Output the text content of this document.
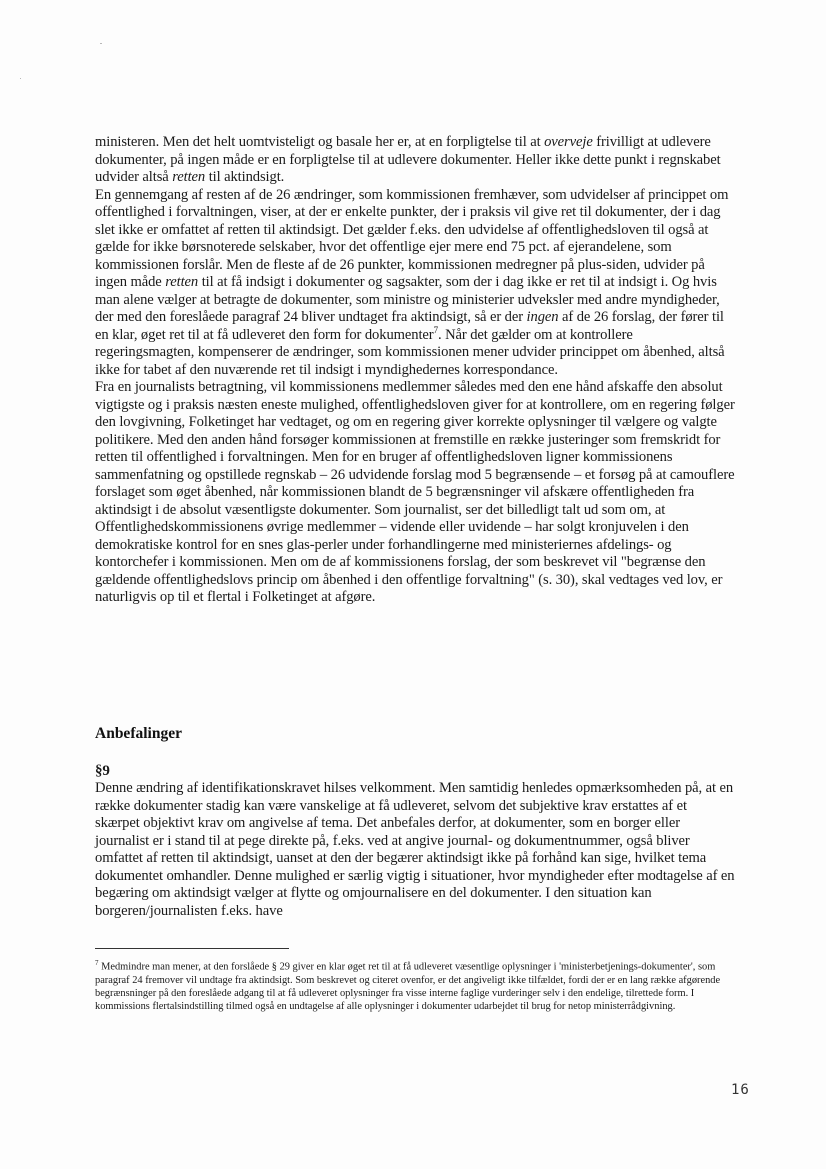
ministeren. Men det helt uomtvisteligt og basale her er, at en forpligtelse til at overveje frivilligt at udlevere dokumenter, på ingen måde er en forpligtelse til at udlevere dokumenter. Heller ikke dette punkt i regnskabet udvider altså retten til aktindsigt.

En gennemgang af resten af de 26 ændringer, som kommissionen fremhæver, som udvidelser af princippet om offentlighed i forvaltningen, viser, at der er enkelte punkter, der i praksis vil give ret til dokumenter, der i dag slet ikke er omfattet af retten til aktindsigt. Det gælder f.eks. den udvidelse af offentlighedsloven til også at gælde for ikke børsnoterede selskaber, hvor det offentlige ejer mere end 75 pct. af ejerandelene, som kommissionen forslår. Men de fleste af de 26 punkter, kommissionen medregner på plus-siden, udvider på ingen måde retten til at få indsigt i dokumenter og sagsakter, som der i dag ikke er ret til at indsigt i. Og hvis man alene vælger at betragte de dokumenter, som ministre og ministerier udveksler med andre myndigheder, der med den foreslåede paragraf 24 bliver undtaget fra aktindsigt, så er der ingen af de 26 forslag, der fører til en klar, øget ret til at få udleveret den form for dokumenter$^7$. Når det gælder om at kontrollere regeringsmagten, kompenserer de ændringer, som kommissionen mener udvider princippet om åbenhed, altså ikke for tabet af den nuværende ret til indsigt i myndighedernes korrespondance.

Fra en journalists betragtning, vil kommissionens medlemmer således med den ene hånd afskaffe den absolut vigtigste og i praksis næsten eneste mulighed, offentlighedsloven giver for at kontrollere, om en regering følger den lovgivning, Folketinget har vedtaget, og om en regering giver korrekte oplysninger til vælgere og valgte politikere. Med den anden hånd forsøger kommissionen at fremstille en række justeringer som fremskridt for retten til offentlighed i forvaltningen. Men for en bruger af offentlighedsloven ligner kommissionens sammenfatning og opstillede regnskab – 26 udvidende forslag mod 5 begrænsende – et forsøg på at camouflere forslaget som øget åbenhed, når kommissionen blandt de 5 begrænsninger vil afskære offentligheden fra aktindsigt i de absolut væsentligste dokumenter. Som journalist, ser det billedligt talt ud som om, at Offentlighedskommissionens øvrige medlemmer – vidende eller uvidende – har solgt kronjuvelen i den demokratiske kontrol for en snes glas-perler under forhandlingerne med ministeriernes afdelings- og kontorchefer i kommissionen. Men om de af kommissionens forslag, der som beskrevet vil "begrænse den gældende offentlighedslovs princip om åbenhed i den offentlige forvaltning" (s. 30), skal vedtages ved lov, er naturligvis op til et flertal i Folketinget at afgøre.

Anbefalinger

§9

Denne ændring af identifikationskravet hilses velkomment. Men samtidig henledes opmærksomheden på, at en række dokumenter stadig kan være vanskelige at få udleveret, selvom det subjektive krav erstattes af et skærpet objektivt krav om angivelse af tema. Det anbefales derfor, at dokumenter, som en borger eller journalist er i stand til at pege direkte på, f.eks. ved at angive journal- og dokumentnummer, også bliver omfattet af retten til aktindsigt, uanset at den der begærer aktindsigt ikke på forhånd kan sige, hvilket tema dokumentet omhandler. Denne mulighed er særlig vigtig i situationer, hvor myndigheder efter modtagelse af en begæring om aktindsigt vælger at flytte og omjournalisere en del dokumenter. I den situation kan borgeren/journalisten f.eks. have

$^7$ Medmindre man mener, at den forslåede § 29 giver en klar øget ret til at få udleveret væsentlige oplysninger i 'ministerbetjenings-dokumenter', som paragraf 24 fremover vil undtage fra aktindsigt. Som beskrevet og citeret ovenfor, er det angiveligt ikke tilfældet, fordi der er en lang række afgørende begrænsninger på den foreslåede adgang til at få udleveret oplysninger fra visse interne faglige vurderinger selv i den endelige, tilrettede form. I kommissions flertalsindstilling tilmed også en undtagelse af alle oplysninger i dokumenter udarbejdet til brug for netop ministerrådgivning.
16
